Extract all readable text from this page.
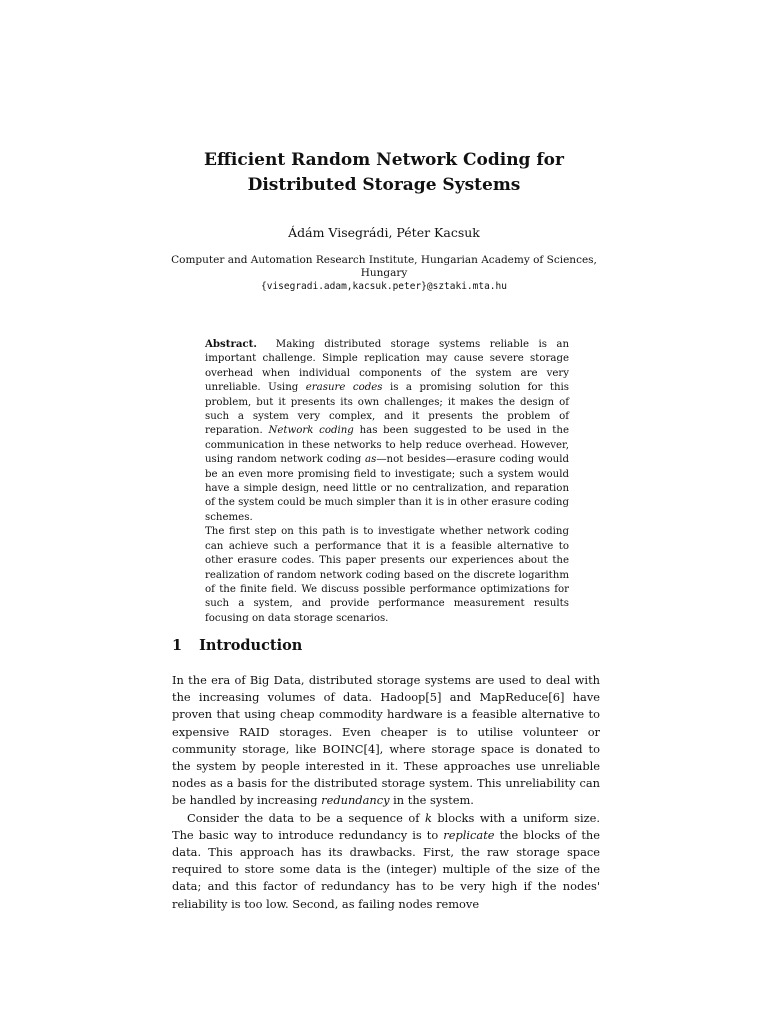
Efficient Random Network Coding for
Distributed Storage Systems
Ádám Visegrádi, Péter Kacsuk
Computer and Automation Research Institute, Hungarian Academy of Sciences,
Hungary
{visegradi.adam,kacsuk.peter}@sztaki.mta.hu

Abstract. Making distributed storage systems reliable is an important challenge. Simple replication may cause severe storage overhead when individual components of the system are very unreliable. Using erasure codes is a promising solution for this problem, but it presents its own challenges; it makes the design of such a system very complex, and it presents the problem of reparation. Network coding has been suggested to be used in the communication in these networks to help reduce overhead. However, using random network coding as—not besides—erasure coding would be an even more promising field to investigate; such a system would have a simple design, need little or no centralization, and reparation of the system could be much simpler than it is in other erasure coding schemes.

The first step on this path is to investigate whether network coding can achieve such a performance that it is a feasible alternative to other erasure codes. This paper presents our experiences about the realization of random network coding based on the discrete logarithm of the finite field. We discuss possible performance optimizations for such a system, and provide performance measurement results focusing on data storage scenarios.

1 Introduction

In the era of Big Data, distributed storage systems are used to deal with the increasing volumes of data. Hadoop[5] and MapReduce[6] have proven that using cheap commodity hardware is a feasible alternative to expensive RAID storages. Even cheaper is to utilise volunteer or community storage, like BOINC[4], where storage space is donated to the system by people interested in it. These approaches use unreliable nodes as a basis for the distributed storage system. This unreliability can be handled by increasing redundancy in the system.

Consider the data to be a sequence of k blocks with a uniform size. The basic way to introduce redundancy is to replicate the blocks of the data. This approach has its drawbacks. First, the raw storage space required to store some data is the (integer) multiple of the size of the data; and this factor of redundancy has to be very high if the nodes' reliability is too low. Second, as failing nodes remove
